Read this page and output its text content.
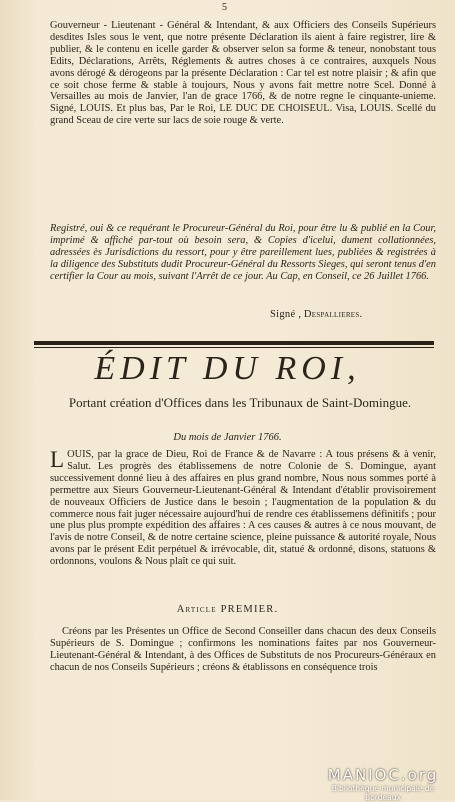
5

Gouverneur - Lieutenant - Général & Intendant, & aux Officiers des Conseils Supérieurs desdites Isles sous le vent, que notre présente Déclaration ils aient à faire registrer, lire & publier, & le contenu en icelle garder & observer selon sa forme & teneur, nonobstant tous Edits, Déclarations, Arrêts, Réglements & autres choses à ce contraires, auxquels Nous avons dérogé & dérogeons par la présente Déclaration : Car tel est notre plaisir ; & afin que ce soit chose ferme & stable à toujours, Nous y avons fait mettre notre Scel. Donné à Versailles au mois de Janvier, l'an de grace 1766, & de notre regne le cinquante-unieme. Signé, LOUIS. Et plus bas, Par le Roi, LE DUC DE CHOISEUL. Visa, LOUIS. Scellé du grand Sceau de cire verte sur lacs de soie rouge & verte.

Registré, oui & ce requérant le Procureur-Général du Roi, pour être lu & publié en la Cour, imprimé & affiché par-tout où besoin sera, & Copies d'icelui, dument collationnées, adressées ès Jurisdictions du ressort, pour y être pareillement lues, publiées & registrées à la diligence des Substituts dudit Procureur-Général du Ressorts Sieges, qui seront tenus d'en certifier la Cour au mois, suivant l'Arrêt de ce jour. Au Cap, en Conseil, ce 26 Juillet 1766.

Signé , Despallieres.
ÉDIT DU ROI,
Portant création d'Offices dans les Tribunaux de Saint-Domingue.
Du mois de Janvier 1766.

LOUIS, par la grace de Dieu, Roi de France & de Navarre : A tous présens & à venir, Salut. Les progrès des établissemens de notre Colonie de S. Domingue, ayant successivement donné lieu à des affaires en plus grand nombre, Nous nous sommes porté à permettre aux Sieurs Gouverneur-Lieutenant-Général & Intendant d'établir provisoirement de nouveaux Officiers de Justice dans le besoin ; l'augmentation de la population & du commerce nous fait juger nécessaire aujourd'hui de rendre ces établissemens définitifs ; pour une plus plus prompte expédition des affaires : A ces causes & autres à ce nous mouvant, de l'avis de notre Conseil, & de notre certaine science, pleine puissance & autorité royale, Nous avons par le présent Edit perpétuel & irrévocable, dit, statué & ordonné, disons, statuons & ordonnons, voulons & Nous plaît ce qui suit.

Article PREMIER.

Créons par les Présentes un Office de Second Conseiller dans chacun des deux Conseils Supérieurs de S. Domingue ; confirmons les nominations faites par nos Gouverneur-Lieutenant-Général & Intendant, à des Offices de Substituts de nos Procureurs-Généraux en chacun de nos Conseils Supérieurs ; créons & établissons en conséquence trois

MANIOC.org
Bibliothèque municipale de Bordeaux
